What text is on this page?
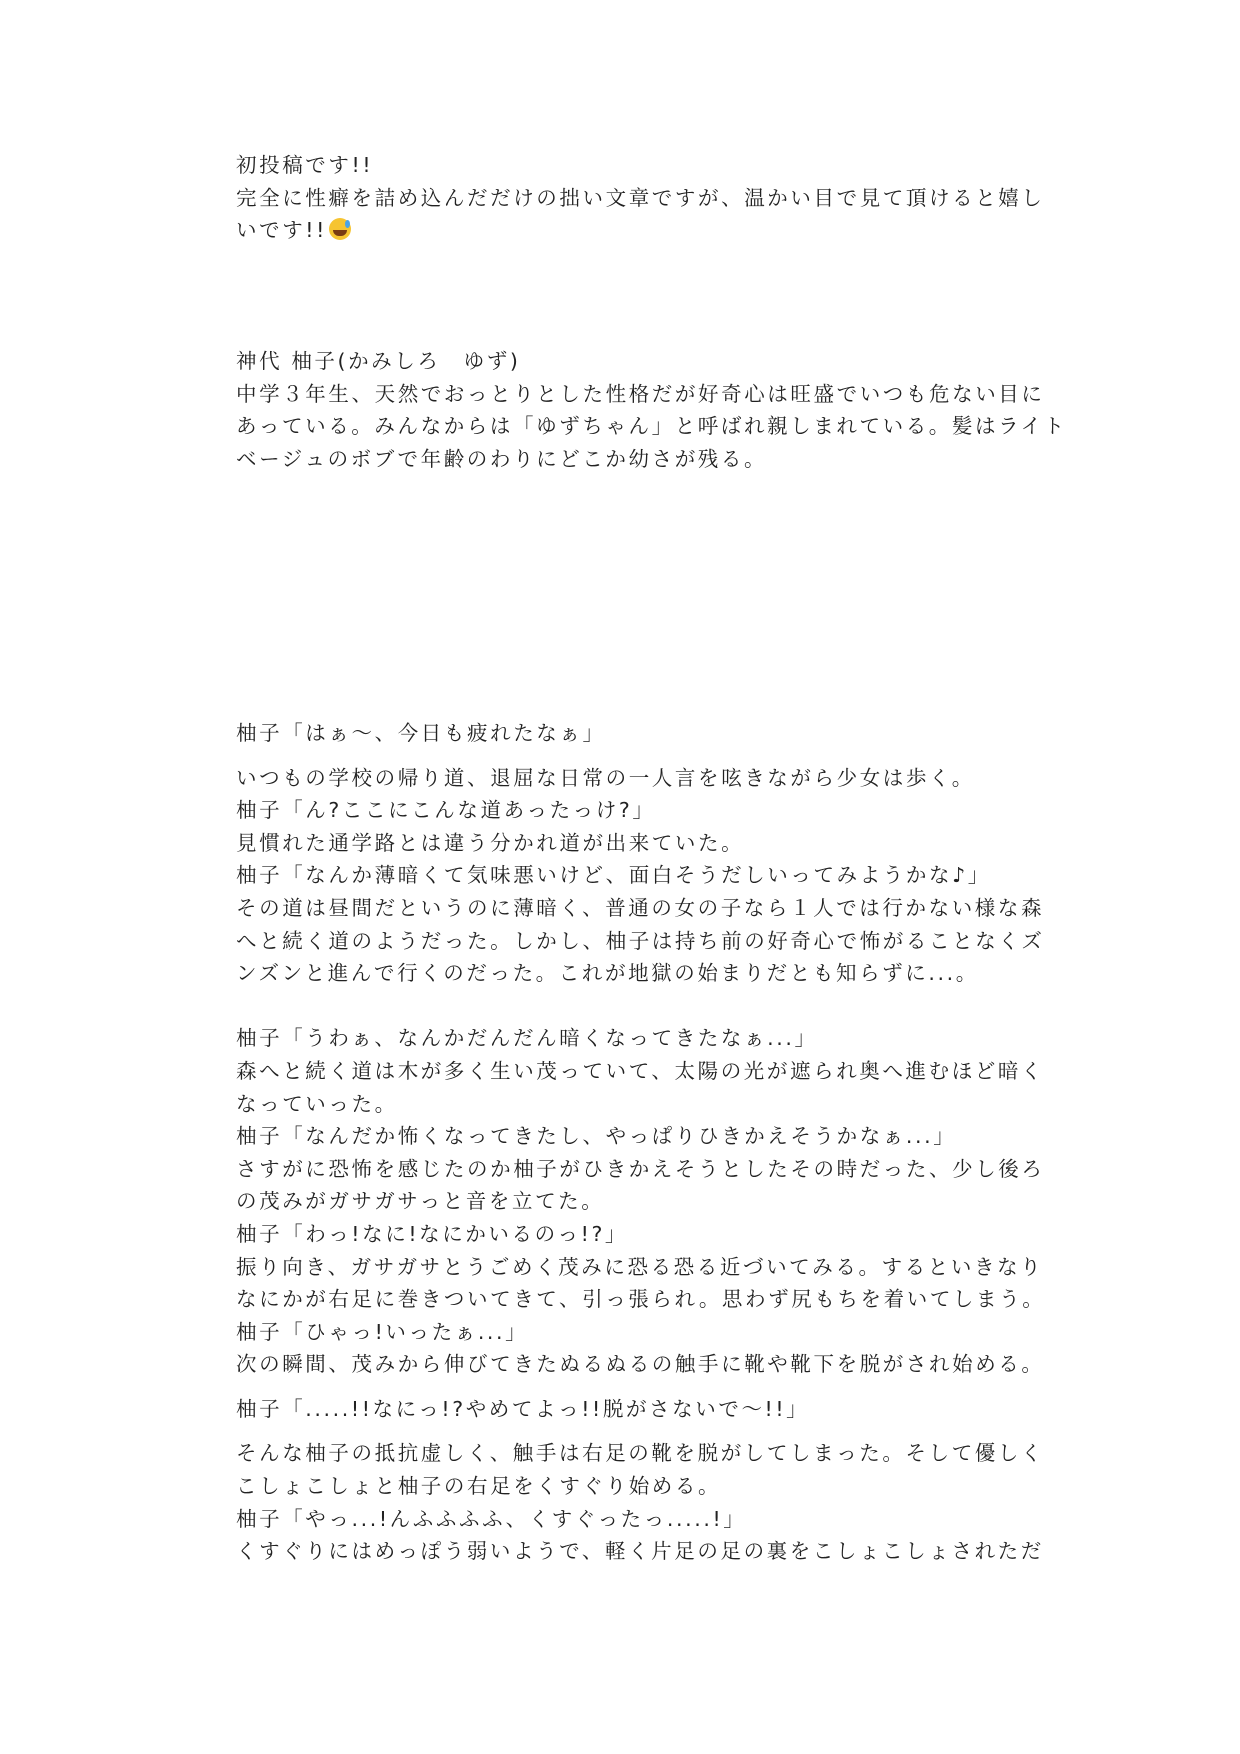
初投稿です!!
完全に性癖を詰め込んだだけの拙い文章ですが、温かい目で見て頂けると嬉し
いです!!
神代 柚子(かみしろ　ゆず)
中学３年生、天然でおっとりとした性格だが好奇心は旺盛でいつも危ない目に
あっている。みんなからは「ゆずちゃん」と呼ばれ親しまれている。髪はライト
ベージュのボブで年齢のわりにどこか幼さが残る。
柚子「はぁ〜、今日も疲れたなぁ」
いつもの学校の帰り道、退屈な日常の一人言を呟きながら少女は歩く。
柚子「ん?ここにこんな道あったっけ?」
見慣れた通学路とは違う分かれ道が出来ていた。
柚子「なんか薄暗くて気味悪いけど、面白そうだしいってみようかな♪」
その道は昼間だというのに薄暗く、普通の女の子なら１人では行かない様な森
へと続く道のようだった。しかし、柚子は持ち前の好奇心で怖がることなくズ
ンズンと進んで行くのだった。これが地獄の始まりだとも知らずに...。
柚子「うわぁ、なんかだんだん暗くなってきたなぁ...」
森へと続く道は木が多く生い茂っていて、太陽の光が遮られ奥へ進むほど暗く
なっていった。
柚子「なんだか怖くなってきたし、やっぱりひきかえそうかなぁ...」
さすがに恐怖を感じたのか柚子がひきかえそうとしたその時だった、少し後ろ
の茂みがガサガサっと音を立てた。
柚子「わっ!なに!なにかいるのっ!?」
振り向き、ガサガサとうごめく茂みに恐る恐る近づいてみる。するといきなり
なにかが右足に巻きついてきて、引っ張られ。思わず尻もちを着いてしまう。
柚子「ひゃっ!いったぁ...」
次の瞬間、茂みから伸びてきたぬるぬるの触手に靴や靴下を脱がされ始める。
柚子「.....!!なにっ!?やめてよっ!!脱がさないで〜!!」
そんな柚子の抵抗虚しく、触手は右足の靴を脱がしてしまった。そして優しく
こしょこしょと柚子の右足をくすぐり始める。
柚子「やっ...!んふふふふ、くすぐったっ.....!」
くすぐりにはめっぽう弱いようで、軽く片足の足の裏をこしょこしょされただ
